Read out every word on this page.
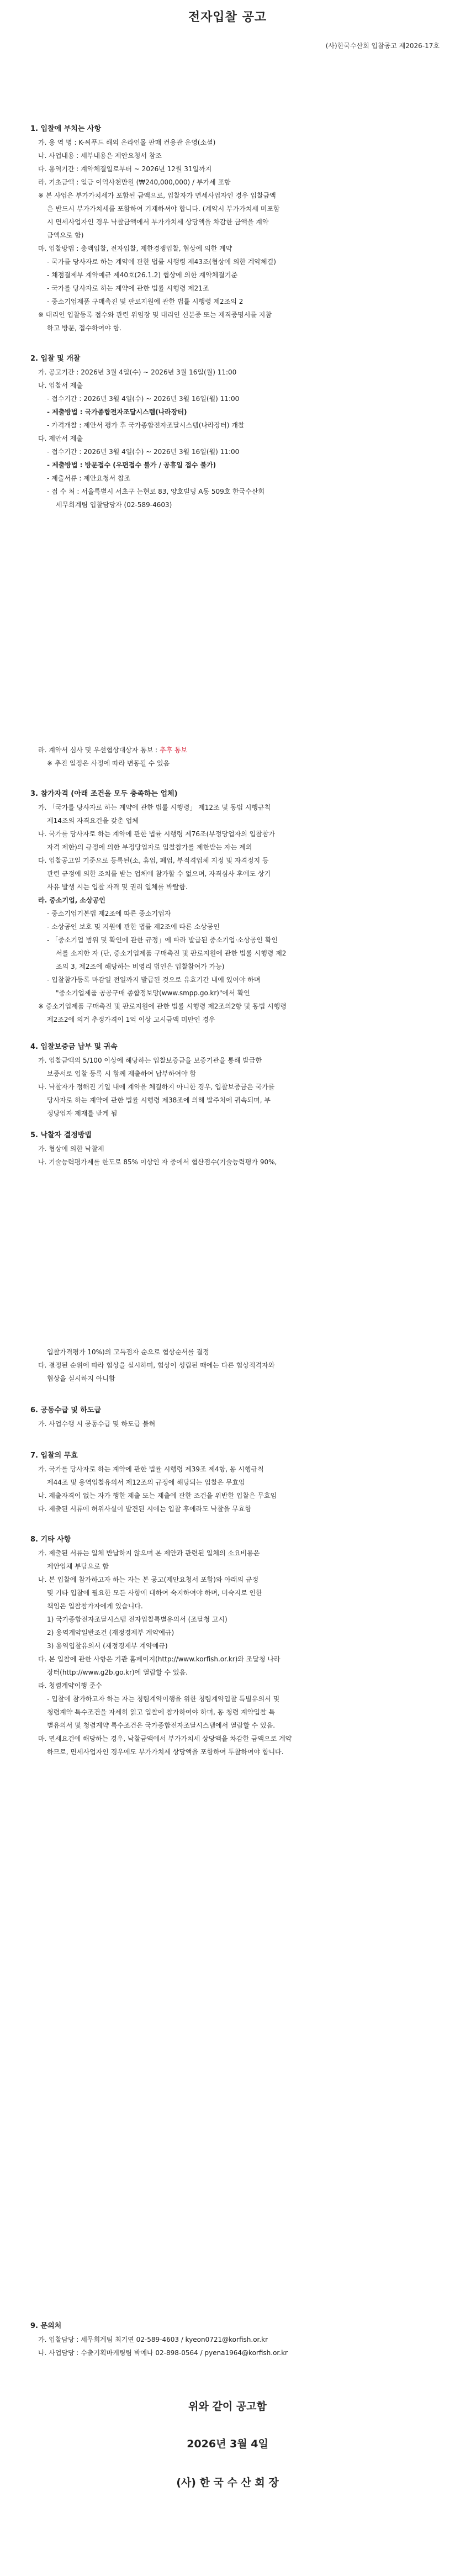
전자입찰 공고
(사)한국수산회 입찰공고 제2026-17호
1. 입찰에 부치는 사항
가. 용 역 명 : K-씨푸드 해외 온라인몰 판매 컨용관 운영(소셜)
나. 사업내용 : 세부내용은 제안요청서 참조
다. 용역기간 : 계약체결일로부터 ~ 2026년 12월 31일까지
라. 기초금액 : 일금 이억사천만원 (₩240,000,000) / 부가세 포함
※ 본 사업은 부가가치세가 포함된 금액으로, 입찰자가 면세사업자인 경우 입찰금액
은 반드시 부가가치세를 포함하여 기재하셔야 합니다. (계약시 부가가치세 미포함
시 면세사업자인 경우 낙찰금액에서 부가가치세 상당액을 차감한 금액을 계약
금액으로 함)
마. 입찰방법 : 총액입찰, 전자입찰, 제한경쟁입찰, 협상에 의한 계약
- 국가를 당사자로 하는 계약에 관한 법률 시행령 제43조(협상에 의한 계약체결)
- 채점결제부 계약예규 제40호(26.1.2) 협상에 의한 계약체결기준
- 국가를 당사자로 하는 계약에 관한 법률 시행령 제21조
- 중소기업제품 구매촉진 및 판로지원에 관한 법률 시행령 제2조의 2
※ 대리인 입찰등록 접수와 관련 위임장 및 대리인 신분증 또는 재직증명서를 지참
하고 방문, 접수하여야 함.
2. 입찰 및 개찰
가. 공고기간 : 2026년 3월 4일(수) ~ 2026년 3월 16일(월) 11:00
나. 입찰서 제출
- 접수기간 : 2026년 3월 4일(수) ~ 2026년 3월 16일(월) 11:00
- 제출방법 : 국가종합전자조달시스템(나라장터)
- 가격개찰 : 제안서 평가 후 국가종합전자조달시스템(나라장터) 개찰
다. 제안서 제출
- 접수기간 : 2026년 3월 4일(수) ~ 2026년 3월 16일(월) 11:00
- 제출방법 : 방문접수 (우편접수 불가 / 공휴일 접수 불가)
- 제출서류 : 제안요청서 참조
- 접 수 처 : 서울특별시 서초구 논현로 83, 양호빌딩 A동 509호 한국수산회
세무회계팀 입찰담당자 (02-589-4603)
라. 계약서 심사 및 우선협상대상자 통보 : 추후 통보
※ 추진 일정은 사정에 따라 변동될 수 있음
3. 참가자격 (아래 조건을 모두 충족하는 업체)
가. 「국가를 당사자로 하는 계약에 관한 법률 시행령」 제12조 및 동법 시행규칙
제14조의 자격요건을 갖춘 업체
나. 국가를 당사자로 하는 계약에 관한 법률 시행령 제76조(부정당업자의 입찰참가
자격 제한)의 규정에 의한 부정당업자로 입찰참가를 제한받는 자는 제외
다. 입찰공고일 기준으로 등록된(소, 휴업, 폐업, 부적격업체 지정 및 자격정지 등
관련 규정에 의한 조치를 받는 업체에 참가할 수 없으며, 자격심사 후에도 상기
사유 발생 시는 입찰 자격 및 권리 일체를 박탈함.
라. 중소기업, 소상공인
- 중소기업기본법 제2조에 따른 중소기업자
- 소상공인 보호 및 지원에 관한 법률 제2조에 따른 소상공인
- 「중소기업 범위 및 확인에 관한 규정」에 따라 발급된 중소기업·소상공인 확인
서를 소지한 자 (단, 중소기업제품 구매촉진 및 판로지원에 관한 법률 시행령 제2
조의 3, 제2조에 해당하는 비영리 법인은 입찰참여가 가능)
- 입찰참가등록 마감일 전일까지 발급된 것으로 유효기간 내에 있어야 하며
"중소기업제품 공공구매 종합정보망(www.smpp.go.kr)"에서 확인
※ 중소기업제품 구매촉진 및 판로지원에 관한 법률 시행령 제2조의2항 및 동법 시행령
제2조2에 의거 추정가격이 1억 이상 고시금액 미만인 경우
4. 입찰보증금 납부 및 귀속
가. 입찰금액의 5/100 이상에 해당하는 입찰보증금을 보증기관을 통해 발급한
보증서로 입찰 등록 시 함께 제출하여 납부하여야 함
나. 낙찰자가 정해진 기일 내에 계약을 체결하지 아니한 경우, 입찰보증금은 국가를
당사자로 하는 계약에 관한 법률 시행령 제38조에 의해 발주처에 귀속되며, 부
정당업자 제재를 받게 됨
5. 낙찰자 결정방법
가. 협상에 의한 낙찰제
나. 기술능력평가제를 한도로 85% 이상인 자 중에서 협산점수(기술능력평가 90%,
입찰가격평가 10%)의 고득점자 순으로 협상순서를 결정
다. 결정된 순위에 따라 협상을 실시하며, 협상이 성립된 때에는 다른 협상적격자와
협상을 실시하지 아니함
6. 공동수급 및 하도급
가. 사업수행 시 공동수급 및 하도급 불허
7. 입찰의 무효
가. 국가를 당사자로 하는 계약에 관한 법률 시행령 제39조 제4항, 동 시행규칙
제44조 및 용역입찰유의서 제12조의 규정에 해당되는 입찰은 무효임
나. 제출자격이 없는 자가 행한 제출 또는 제출에 관한 조건을 위반한 입찰은 무효임
다. 제출된 서류에 허위사실이 발견된 시에는 입찰 후에라도 낙찰을 무효함
8. 기타 사항
가. 제출된 서류는 일체 반납하지 않으며 본 제안과 관련된 일체의 소요비용은
제안업체 부담으로 함
나. 본 입찰에 참가하고자 하는 자는 본 공고(제안요청서 포함)와 아래의 규정
및 기타 입찰에 필요한 모든 사항에 대하여 숙지하여야 하며, 미숙지로 인한
책임은 입찰참가자에게 있습니다.
1) 국가종합전자조달시스템 전자입찰특별유의서 (조달청 고시)
2) 용역계약일반조건 (재정경제부 계약예규)
3) 용역입찰유의서 (재정경제부 계약예규)
다. 본 입찰에 관한 사항은 기관 홈페이지(http://www.korfish.or.kr)와 조달청 나라
장터(http://www.g2b.go.kr)에 열람할 수 있음.
라. 청렴계약이행 준수
- 입찰에 참가하고자 하는 자는 청렴계약이행을 위한 청렴계약입찰 특별유의서 및
청렴계약 특수조건을 자세히 읽고 입찰에 참가하여야 하며, 동 청렴 계약입찰 특
별유의서 및 청렴계약 특수조건은 국가종합전자조달시스템에서 열람할 수 있음.
마. 면세요건에 해당하는 경우, 낙찰금액에서 부가가치세 상당액을 차감한 금액으로 계약
하므로, 면세사업자인 경우에도 부가가치세 상당액을 포함하여 투찰하여야 합니다.
9. 문의처
가. 입찰담당 : 세무회계팀 최기연 02-589-4603 / kyeon0721@korfish.or.kr
나. 사업담당 : 수출기획마케팅팀 박예나 02-898-0564 / pyena1964@korfish.or.kr
위와 같이 공고함
2026년 3월 4일
(사) 한 국 수 산 회 장
